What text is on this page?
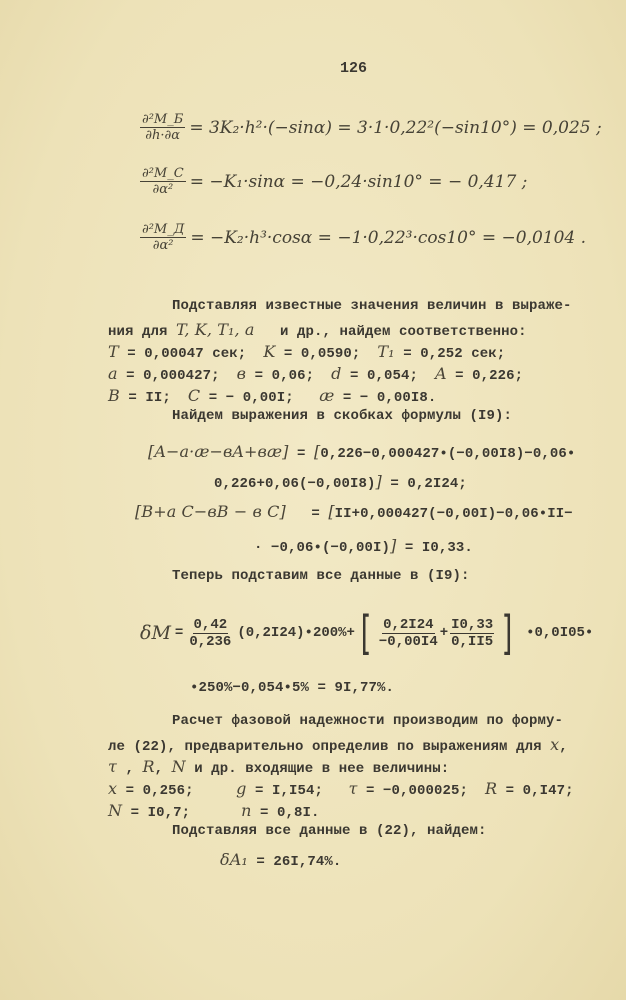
126
$\frac{\text{∂²M\_Б}}{\partial h\cdot\partial\alpha} = 3K_2\cdot h^2\cdot(-\sin\alpha) = 3\cdot 1\cdot 0,22^2(-\sin 10^\circ) = 0,025$ ;
$\frac{\text{∂²M\_C}}{\text{∂α²}} = -K_1\cdot\sin\alpha = -0,24\cdot\sin 10^\circ$ = − 0,417 ;
$\frac{\text{∂²M\_Д}}{\text{∂α²}} = -K_2\cdot h^3\cdot\cos\alpha = -1\cdot 0,22^3\cdot\cos 10^\circ = -0,0104$ .
Подставляя известные значения величин в выраже-
ния для T, K, T₁, a   и др., найдем соответственно:
T = 0,00047 сек;  K = 0,0590;  T₁ = 0,252 сек;
a = 0,000427;  в = 0,06;  d = 0,054;  A = 0,226;
B = II;  C = − 0,00I;   æ = − 0,00I8.
Найдем выражения в скобках формулы (I9):
[A−a·æ−вA+вæ] = [0,226−0,000427•(−0,00I8)−0,06•
0,226+0,06(−0,00I8)] = 0,2I24;
[B+a C−вB − в C]   = [II+0,000427(−0,00I)−0,06•II−
· −0,06•(−0,00I)] = I0,33.
Теперь подставим все данные в (I9):
$\delta M = \frac{0,42}{0,236}$ (0,2I24)•200%+ [ $\frac{0,2I24}{-0,00I4} + \frac{I0,33}{0,II5}$ ] •0,0I05•
•250%−0,054•5% = 9I,77%.
Расчет фазовой надежности производим по форму-
ле (22), предварительно определив по выражениям для x,
τ , R, N и др. входящие в нее величины:
x = 0,256;     g = I,I54;   τ = −0,000025;  R = 0,I47;
N = I0,7;      n = 0,8I.
Подставляя все данные в (22), найдем:
δA₁ = 26I,74%.
